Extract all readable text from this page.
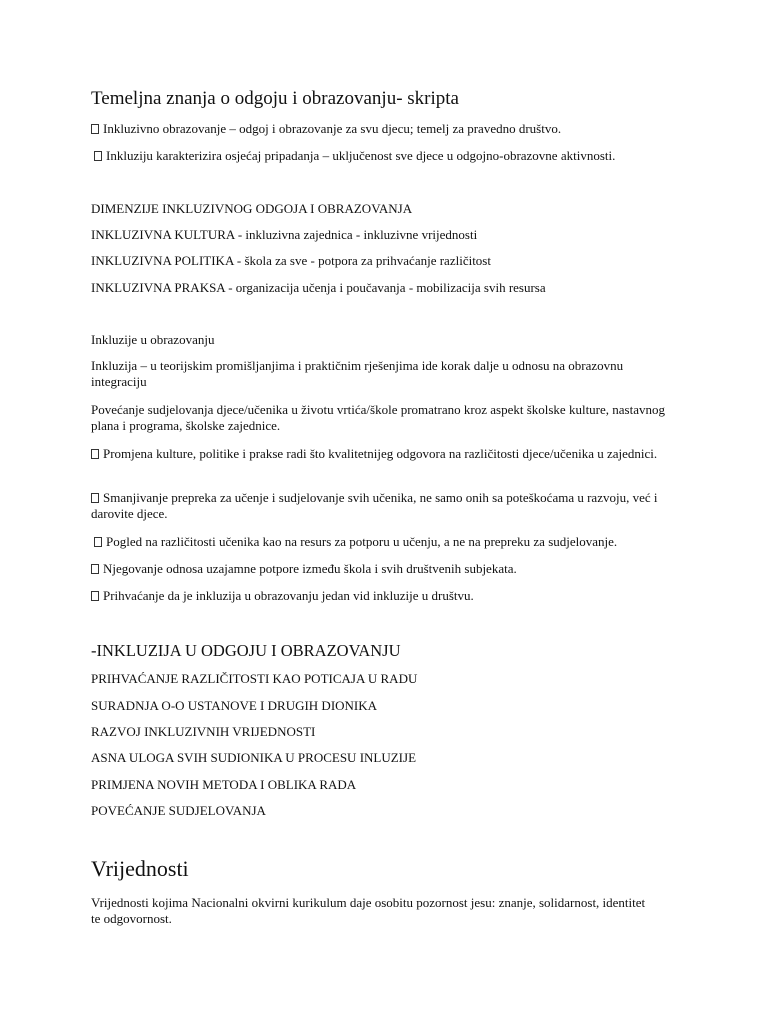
Temeljna znanja o odgoju i obrazovanju- skripta
Inkluzivno obrazovanje – odgoj i obrazovanje za svu djecu; temelj za pravedno društvo.
Inkluziju karakterizira osjećaj pripadanja – uključenost sve djece u odgojno-obrazovne aktivnosti.
DIMENZIJE INKLUZIVNOG ODGOJA I OBRAZOVANJA
INKLUZIVNA KULTURA - inkluzivna zajednica - inkluzivne vrijednosti
INKLUZIVNA POLITIKA - škola za sve - potpora za prihvaćanje različitost
INKLUZIVNA PRAKSA - organizacija učenja i poučavanja - mobilizacija svih resursa
Inkluzije u obrazovanju
Inkluzija – u teorijskim promišljanjima i praktičnim rješenjima ide korak dalje u odnosu na obrazovnu integraciju
Povećanje sudjelovanja djece/učenika u životu vrtića/škole promatrano kroz aspekt školske kulture, nastavnog plana i programa, školske zajednice.
Promjena kulture, politike i prakse radi što kvalitetnijeg odgovora na različitosti djece/učenika u zajednici.
Smanjivanje prepreka za učenje i sudjelovanje svih učenika, ne samo onih sa poteškoćama u razvoju, već i darovite djece.
Pogled na različitosti učenika kao na resurs za potporu u učenju, a ne na prepreku za sudjelovanje.
Njegovanje odnosa uzajamne potpore između škola i svih društvenih subjekata.
Prihvaćanje da je inkluzija u obrazovanju jedan vid inkluzije u društvu.
-INKLUZIJA U ODGOJU I OBRAZOVANJU
PRIHVAĆANJE RAZLIČITOSTI KAO POTICAJA U RADU
SURADNJA O-O USTANOVE I DRUGIH DIONIKA
RAZVOJ INKLUZIVNIH VRIJEDNOSTI
ASNA ULOGA SVIH SUDIONIKA U PROCESU INLUZIJE
PRIMJENA NOVIH METODA I OBLIKA RADA
POVEĆANJE SUDJELOVANJA
Vrijednosti
Vrijednosti kojima Nacionalni okvirni kurikulum daje osobitu pozornost jesu: znanje, solidarnost, identitet te odgovornost.
